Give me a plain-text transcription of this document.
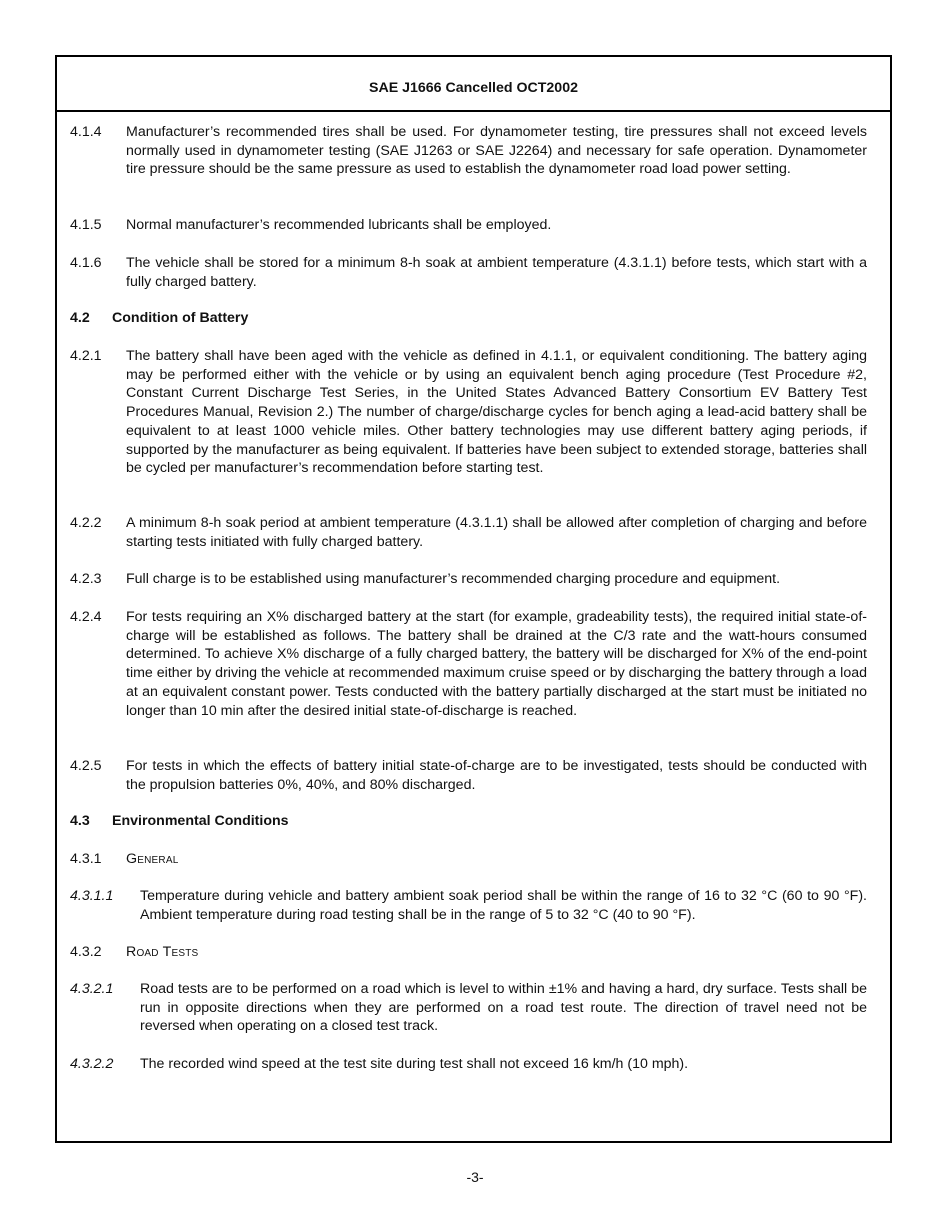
SAE J1666 Cancelled OCT2002
4.1.4 Manufacturer’s recommended tires shall be used. For dynamometer testing, tire pressures shall not exceed levels normally used in dynamometer testing (SAE J1263 or SAE J2264) and necessary for safe operation. Dynamometer tire pressure should be the same pressure as used to establish the dynamometer road load power setting.
4.1.5 Normal manufacturer’s recommended lubricants shall be employed.
4.1.6 The vehicle shall be stored for a minimum 8-h soak at ambient temperature (4.3.1.1) before tests, which start with a fully charged battery.
4.2 Condition of Battery
4.2.1 The battery shall have been aged with the vehicle as defined in 4.1.1, or equivalent conditioning. The battery aging may be performed either with the vehicle or by using an equivalent bench aging procedure (Test Procedure #2, Constant Current Discharge Test Series, in the United States Advanced Battery Consortium EV Battery Test Procedures Manual, Revision 2.) The number of charge/discharge cycles for bench aging a lead-acid battery shall be equivalent to at least 1000 vehicle miles. Other battery technologies may use different battery aging periods, if supported by the manufacturer as being equivalent. If batteries have been subject to extended storage, batteries shall be cycled per manufacturer’s recommendation before starting test.
4.2.2 A minimum 8-h soak period at ambient temperature (4.3.1.1) shall be allowed after completion of charging and before starting tests initiated with fully charged battery.
4.2.3 Full charge is to be established using manufacturer’s recommended charging procedure and equipment.
4.2.4 For tests requiring an X% discharged battery at the start (for example, gradeability tests), the required initial state-of-charge will be established as follows. The battery shall be drained at the C/3 rate and the watt-hours consumed determined. To achieve X% discharge of a fully charged battery, the battery will be discharged for X% of the end-point time either by driving the vehicle at recommended maximum cruise speed or by discharging the battery through a load at an equivalent constant power. Tests conducted with the battery partially discharged at the start must be initiated no longer than 10 min after the desired initial state-of-discharge is reached.
4.2.5 For tests in which the effects of battery initial state-of-charge are to be investigated, tests should be conducted with the propulsion batteries 0%, 40%, and 80% discharged.
4.3 Environmental Conditions
4.3.1 General
4.3.1.1 Temperature during vehicle and battery ambient soak period shall be within the range of 16 to 32 °C (60 to 90 °F). Ambient temperature during road testing shall be in the range of 5 to 32 °C (40 to 90 °F).
4.3.2 Road Tests
4.3.2.1 Road tests are to be performed on a road which is level to within ±1% and having a hard, dry surface. Tests shall be run in opposite directions when they are performed on a road test route. The direction of travel need not be reversed when operating on a closed test track.
4.3.2.2 The recorded wind speed at the test site during test shall not exceed 16 km/h (10 mph).
-3-
